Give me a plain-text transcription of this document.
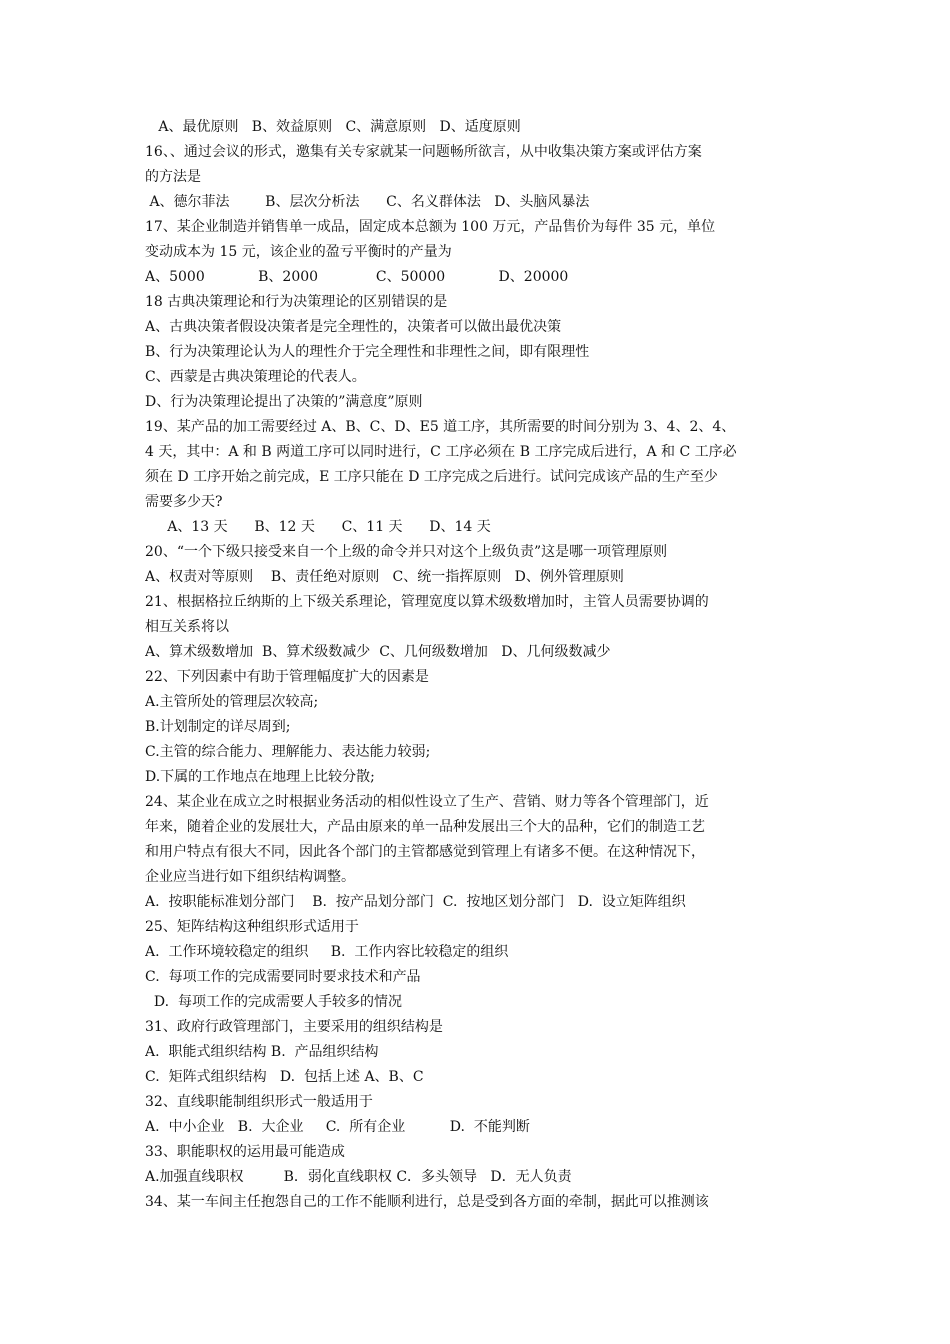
A、最优原则   B、效益原则   C、满意原则   D、适度原则
16、、通过会议的形式，邀集有关专家就某一问题畅所欲言，从中收集决策方案或评估方案
的方法是
A、德尔菲法        B、层次分析法      C、名义群体法   D、头脑风暴法
17、某企业制造并销售单一成品，固定成本总额为 100 万元，产品售价为每件 35 元，单位
变动成本为 15 元，该企业的盈亏平衡时的产量为
A、5000            B、2000             C、50000            D、20000
18 古典决策理论和行为决策理论的区别错误的是
A、古典决策者假设决策者是完全理性的，决策者可以做出最优决策
B、行为决策理论认为人的理性介于完全理性和非理性之间，即有限理性
C、西蒙是古典决策理论的代表人。
D、行为决策理论提出了决策的”满意度”原则
19、某产品的加工需要经过 A、B、C、D、E5 道工序，其所需要的时间分别为 3、4、2、4、
4 天，其中：A 和 B 两道工序可以同时进行，C 工序必须在 B 工序完成后进行，A 和 C 工序必
须在 D 工序开始之前完成，E 工序只能在 D 工序完成之后进行。试问完成该产品的生产至少
需要多少天?
A、13 天      B、12 天      C、11 天      D、14 天
20、“一个下级只接受来自一个上级的命令并只对这个上级负责”这是哪一项管理原则
A、权责对等原则    B、责任绝对原则   C、统一指挥原则   D、例外管理原则
21、根据格拉丘纳斯的上下级关系理论，管理宽度以算术级数增加时，主管人员需要协调的
相互关系将以
A、算术级数增加  B、算术级数减少  C、几何级数增加   D、几何级数减少
22、下列因素中有助于管理幅度扩大的因素是
A.主管所处的管理层次较高;
B.计划制定的详尽周到;
C.主管的综合能力、理解能力、表达能力较弱;
D.下属的工作地点在地理上比较分散;
24、某企业在成立之时根据业务活动的相似性设立了生产、营销、财力等各个管理部门，近
年来，随着企业的发展壮大，产品由原来的单一品种发展出三个大的品种，它们的制造工艺
和用户特点有很大不同，因此各个部门的主管都感觉到管理上有诸多不便。在这种情况下，
企业应当进行如下组织结构调整。
A.  按职能标准划分部门    B.  按产品划分部门  C.  按地区划分部门   D.  设立矩阵组织
25、矩阵结构这种组织形式适用于
A.  工作环境较稳定的组织     B.  工作内容比较稳定的组织
C.  每项工作的完成需要同时要求技术和产品
D.  每项工作的完成需要人手较多的情况
31、政府行政管理部门，主要采用的组织结构是
A.  职能式组织结构 B.  产品组织结构
C.  矩阵式组织结构   D.  包括上述 A、B、C
32、直线职能制组织形式一般适用于
A.  中小企业   B.  大企业     C.  所有企业          D.  不能判断
33、职能职权的运用最可能造成
A.加强直线职权         B．弱化直线职权 C．多头领导   D．无人负责
34、某一车间主任抱怨自己的工作不能顺利进行，总是受到各方面的牵制，据此可以推测该
